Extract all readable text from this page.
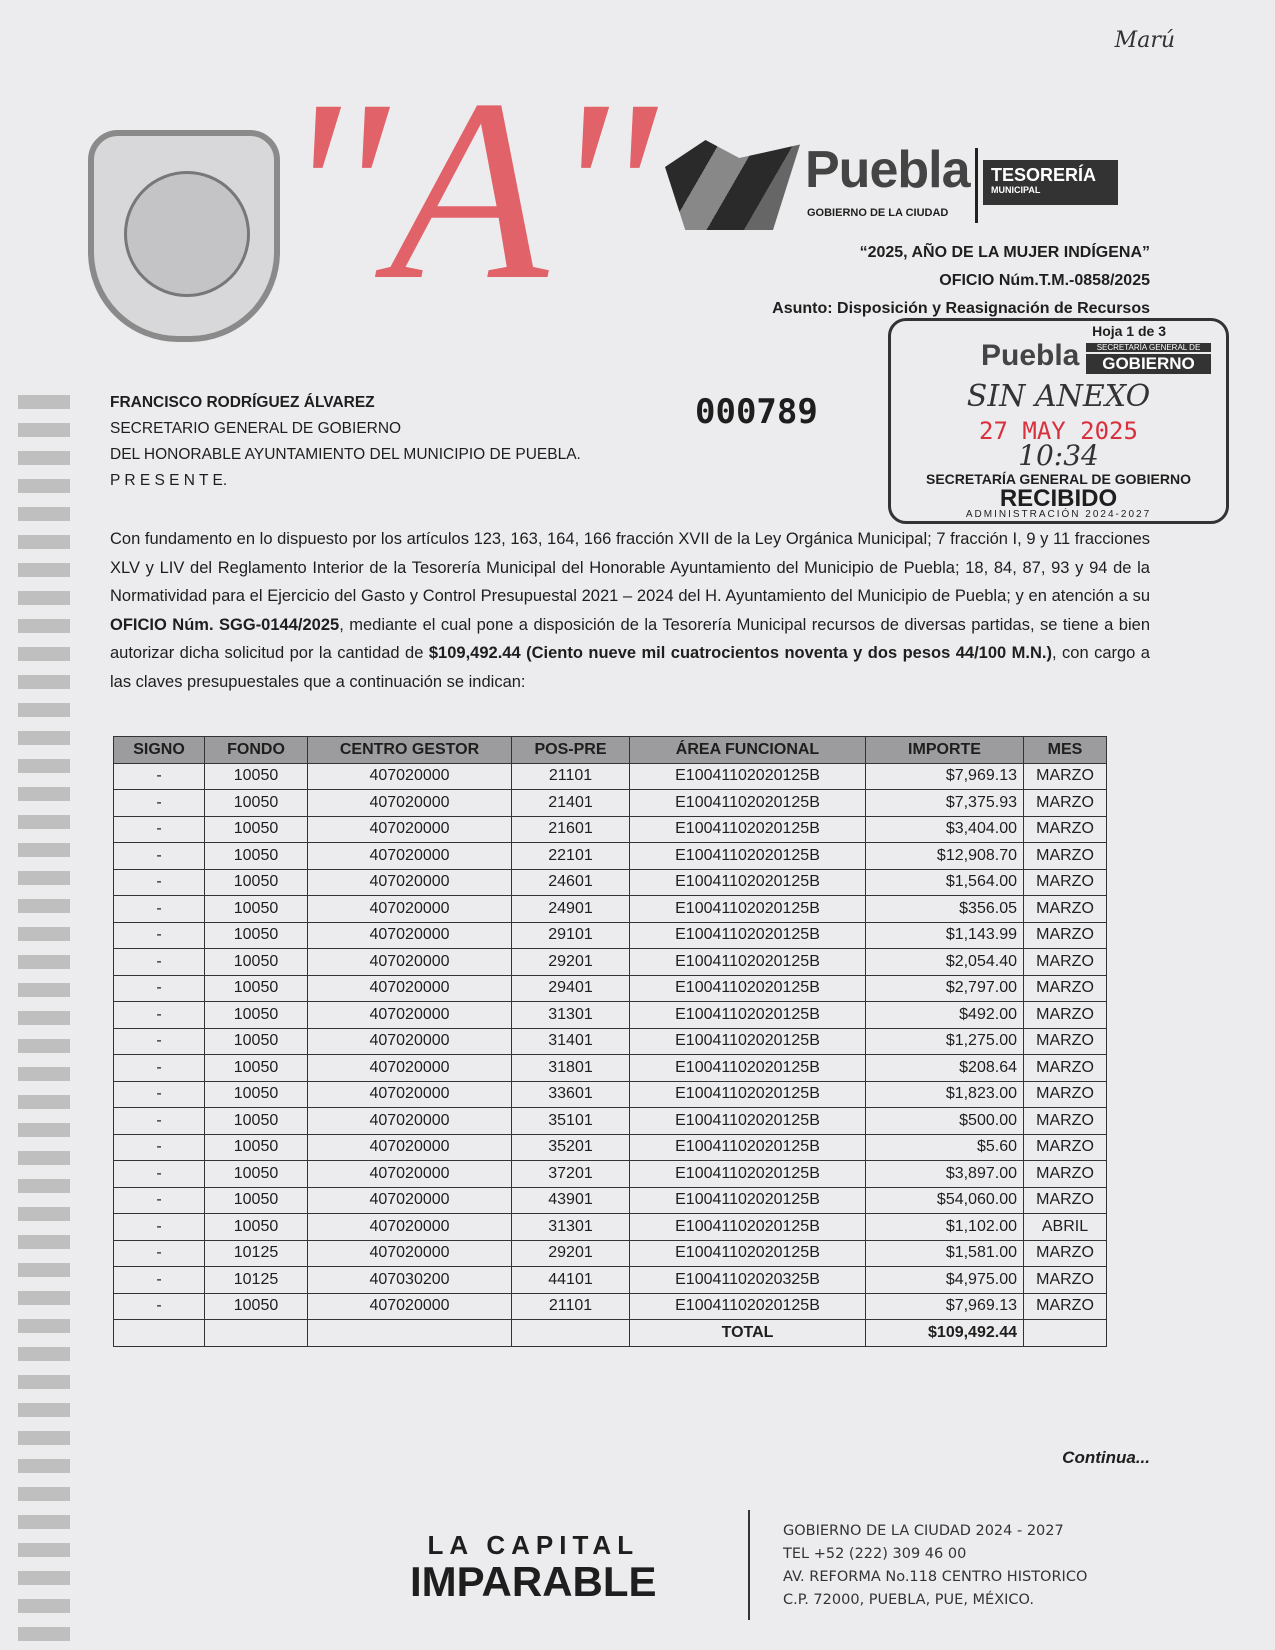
Marú
"A"	Puebla
GOBIERNO DE LA CIUDAD
TESORERÍA
MUNICIPAL
“2025, AÑO DE LA MUJER INDÍGENA”
OFICIO Núm.T.M.-0858/2025
Asunto: Disposición y Reasignación de Recursos
Hoja 1 de 3
Puebla	SECRETARÍA GENERAL DE
GOBIERNO
SIN ANEXO
27 MAY 2025
10:34
SECRETARÍA GENERAL DE GOBIERNO
RECIBIDO
ADMINISTRACIÓN 2024-2027
FRANCISCO RODRÍGUEZ ÁLVAREZ
SECRETARIO GENERAL DE GOBIERNO
DEL HONORABLE AYUNTAMIENTO DEL MUNICIPIO DE PUEBLA.
P R E S E N T E.
000789
Con fundamento en lo dispuesto por los artículos 123, 163, 164, 166 fracción XVII de la Ley Orgánica Municipal; 7 fracción I, 9 y 11 fracciones XLV y LIV del Reglamento Interior de la Tesorería Municipal del Honorable Ayuntamiento del Municipio de Puebla; 18, 84, 87, 93 y 94 de la Normatividad para el Ejercicio del Gasto y Control Presupuestal 2021 – 2024 del H. Ayuntamiento del Municipio de Puebla; y en atención a su OFICIO Núm. SGG-0144/2025, mediante el cual pone a disposición de la Tesorería Municipal recursos de diversas partidas, se tiene a bien autorizar dicha solicitud por la cantidad de $109,492.44 (Ciento nueve mil cuatrocientos noventa y dos pesos 44/100 M.N.), con cargo a las claves presupuestales que a continuación se indican:
SIGNO	FONDO	CENTRO GESTOR	POS-PRE	ÁREA FUNCIONAL	IMPORTE	MES
-	10050	407020000	21101	E10041102020125B	$7,969.13	MARZO
-	10050	407020000	21401	E10041102020125B	$7,375.93	MARZO
-	10050	407020000	21601	E10041102020125B	$3,404.00	MARZO
-	10050	407020000	22101	E10041102020125B	$12,908.70	MARZO
-	10050	407020000	24601	E10041102020125B	$1,564.00	MARZO
-	10050	407020000	24901	E10041102020125B	$356.05	MARZO
-	10050	407020000	29101	E10041102020125B	$1,143.99	MARZO
-	10050	407020000	29201	E10041102020125B	$2,054.40	MARZO
-	10050	407020000	29401	E10041102020125B	$2,797.00	MARZO
-	10050	407020000	31301	E10041102020125B	$492.00	MARZO
-	10050	407020000	31401	E10041102020125B	$1,275.00	MARZO
-	10050	407020000	31801	E10041102020125B	$208.64	MARZO
-	10050	407020000	33601	E10041102020125B	$1,823.00	MARZO
-	10050	407020000	35101	E10041102020125B	$500.00	MARZO
-	10050	407020000	35201	E10041102020125B	$5.60	MARZO
-	10050	407020000	37201	E10041102020125B	$3,897.00	MARZO
-	10050	407020000	43901	E10041102020125B	$54,060.00	MARZO
-	10050	407020000	31301	E10041102020125B	$1,102.00	ABRIL
-	10125	407020000	29201	E10041102020125B	$1,581.00	MARZO
-	10125	407030200	44101	E10041102020325B	$4,975.00	MARZO
-	10050	407020000	21101	E10041102020125B	$7,969.13	MARZO
				TOTAL	$109,492.44	
Continua...
LA CAPITAL
IMPARABLE
GOBIERNO DE LA CIUDAD 2024 - 2027
TEL +52 (222) 309 46 00
AV. REFORMA No.118 CENTRO HISTORICO
C.P. 72000, PUEBLA, PUE, MÉXICO.
